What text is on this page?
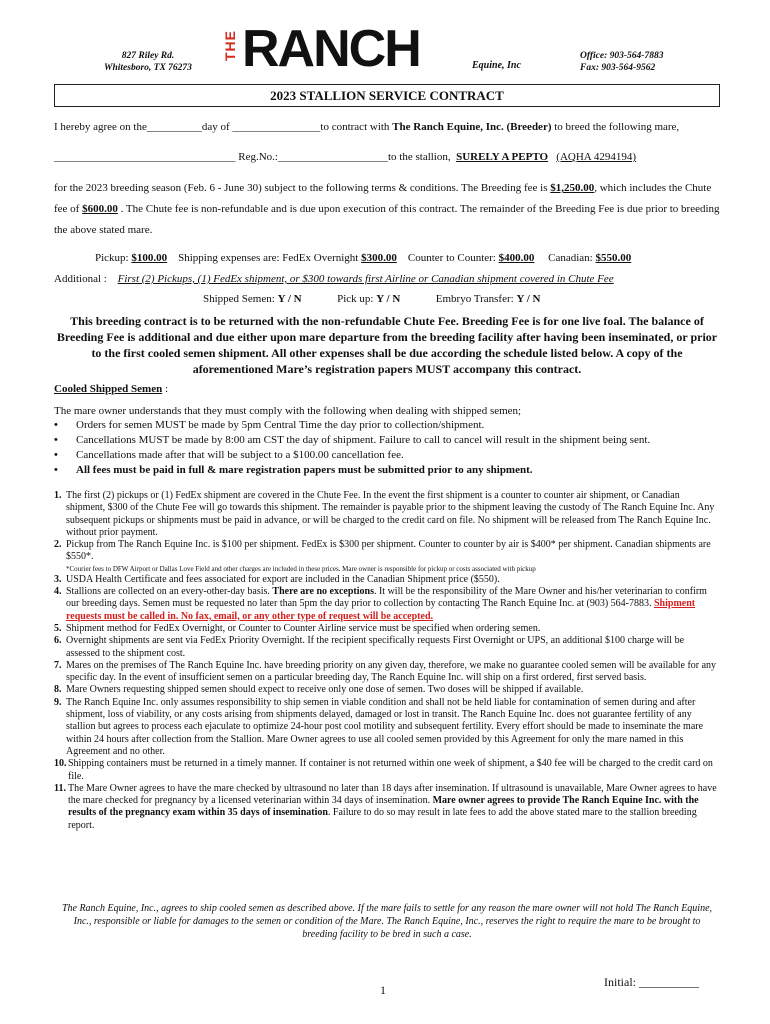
827 Riley Rd.
Whitesboro, TX 76273
THE RANCH	Equine, Inc
Office: 903-564-7883
Fax: 903-564-9562
2023 STALLION SERVICE CONTRACT
I hereby agree on the__________day of ________________to contract with The Ranch Equine, Inc. (Breeder) to breed the following mare,
_________________________________ Reg.No.:____________________to the stallion, SURELY A PEPTO (AQHA 4294194)
for the 2023 breeding season (Feb. 6 - June 30) subject to the following terms & conditions. The Breeding fee is $1,250.00, which includes the Chute fee of $600.00 . The Chute fee is non-refundable and is due upon execution of this contract. The remainder of the Breeding Fee is due prior to breeding the above stated mare.
Pickup: $100.00 Shipping expenses are: FedEx Overnight $300.00 Counter to Counter: $400.00 Canadian: $550.00
Additional : First (2) Pickups, (1) FedEx shipment, or $300 towards first Airline or Canadian shipment covered in Chute Fee
Shipped Semen: Y / N	Pick up: Y / N	Embryo Transfer: Y / N
This breeding contract is to be returned with the non-refundable Chute Fee. Breeding Fee is for one live foal. The balance of Breeding Fee is additional and due either upon mare departure from the breeding facility after having been inseminated, or prior to the first cooled semen shipment. All other expenses shall be due according the schedule listed below. A copy of the aforementioned Mare’s registration papers MUST accompany this contract.
Cooled Shipped Semen :
The mare owner understands that they must comply with the following when dealing with shipped semen;
•	Orders for semen MUST be made by 5pm Central Time the day prior to collection/shipment.
•	Cancellations MUST be made by 8:00 am CST the day of shipment. Failure to call to cancel will result in the shipment being sent.
•	Cancellations made after that will be subject to a $100.00 cancellation fee.
•	All fees must be paid in full & mare registration papers must be submitted prior to any shipment.
1. The first (2) pickups or (1) FedEx shipment are covered in the Chute Fee. In the event the first shipment is a counter to counter air shipment, or Canadian shipment, $300 of the Chute Fee will go towards this shipment. The remainder is payable prior to the shipment leaving the custody of The Ranch Equine Inc. Any subsequent pickups or shipments must be paid in advance, or will be charged to the credit card on file. No shipment will be released from The Ranch Equine Inc. without prior payment.
2. Pickup from The Ranch Equine Inc. is $100 per shipment. FedEx is $300 per shipment. Counter to counter by air is $400* per shipment. Canadian shipments are $550*.
*Courier fees to DFW Airport or Dallas Love Field and other charges are included in these prices. Mare owner is responsible for pickup or costs associated with pickup
3. USDA Health Certificate and fees associated for export are included in the Canadian Shipment price ($550).
4. Stallions are collected on an every-other-day basis. There are no exceptions. It will be the responsibility of the Mare Owner and his/her veterinarian to confirm our breeding days. Semen must be requested no later than 5pm the day prior to collection by contacting The Ranch Equine Inc. at (903) 564-7883. Shipment requests must be called in. No fax, email, or any other type of request will be accepted.
5. Shipment method for FedEx Overnight, or Counter to Counter Airline service must be specified when ordering semen.
6. Overnight shipments are sent via FedEx Priority Overnight. If the recipient specifically requests First Overnight or UPS, an additional $100 charge will be assessed to the shipment cost.
7. Mares on the premises of The Ranch Equine Inc. have breeding priority on any given day, therefore, we make no guarantee cooled semen will be available for any specific day. In the event of insufficient semen on a particular breeding day, The Ranch Equine Inc. will ship on a first ordered, first served basis.
8. Mare Owners requesting shipped semen should expect to receive only one dose of semen. Two doses will be shipped if available.
9. The Ranch Equine Inc. only assumes responsibility to ship semen in viable condition and shall not be held liable for contamination of semen during and after shipment, loss of viability, or any costs arising from shipments delayed, damaged or lost in transit. The Ranch Equine Inc. does not guarantee fertility of any stallion but agrees to process each ejaculate to optimize 24-hour post cool motility and subsequent fertility. Every effort should be made to inseminate the mare within 24 hours after collection from the Stallion. Mare Owner agrees to use all cooled semen provided by this Agreement for only the mare named in this Agreement and no other.
10. Shipping containers must be returned in a timely manner. If container is not returned within one week of shipment, a $40 fee will be charged to the credit card on file.
11. The Mare Owner agrees to have the mare checked by ultrasound no later than 18 days after insemination. If ultrasound is unavailable, Mare Owner agrees to have the mare checked for pregnancy by a licensed veterinarian within 34 days of insemination. Mare owner agrees to provide The Ranch Equine Inc. with the results of the pregnancy exam within 35 days of insemination. Failure to do so may result in late fees to add the above stated mare to the stallion breeding report.
The Ranch Equine, Inc., agrees to ship cooled semen as described above. If the mare fails to settle for any reason the mare owner will not hold The Ranch Equine, Inc., responsible or liable for damages to the semen or condition of the Mare. The Ranch Equine, Inc., reserves the right to require the mare to be brought to breeding facility to be bred in such a case.
1
Initial: __________
